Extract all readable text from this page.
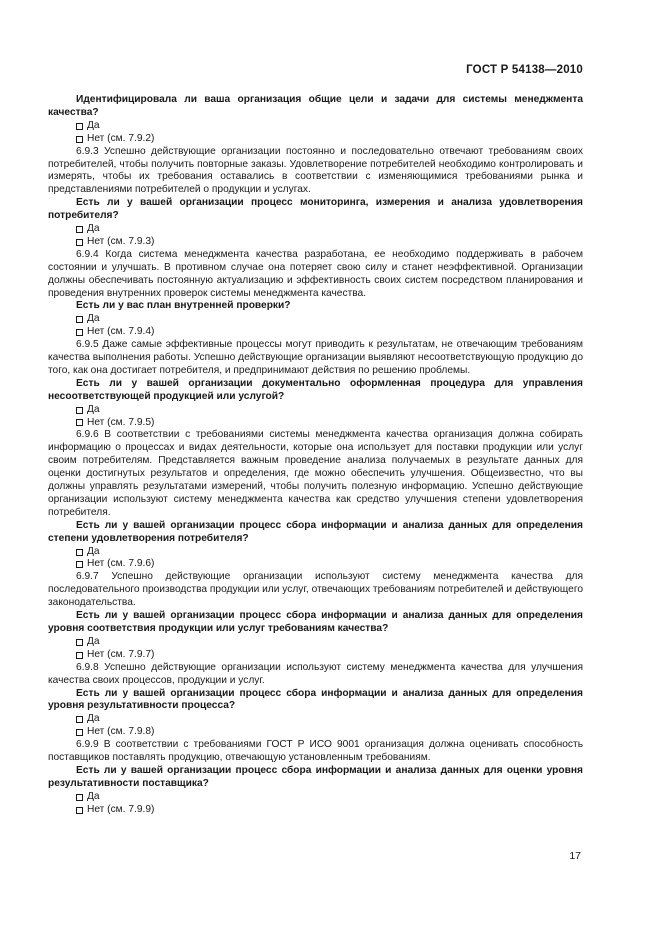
ГОСТ Р 54138—2010

Идентифицировала ли ваша организация общие цели и задачи для системы менеджмента качества?

Да

Нет (см. 7.9.2)

6.9.3 Успешно действующие организации постоянно и последовательно отвечают требованиям своих потребителей, чтобы получить повторные заказы. Удовлетворение потребителей необходимо контролировать и измерять, чтобы их требования оставались в соответствии с изменяющимися требованиями рынка и представлениями потребителей о продукции и услугах.

Есть ли у вашей организации процесс мониторинга, измерения и анализа удовлетворения потребителя?

Да

Нет (см. 7.9.3)

6.9.4 Когда система менеджмента качества разработана, ее необходимо поддерживать в рабочем состоянии и улучшать. В противном случае она потеряет свою силу и станет неэффективной. Организации должны обеспечивать постоянную актуализацию и эффективность своих систем посредством планирования и проведения внутренних проверок системы менеджмента качества.

Есть ли у вас план внутренней проверки?

Да

Нет (см. 7.9.4)

6.9.5 Даже самые эффективные процессы могут приводить к результатам, не отвечающим требованиям качества выполнения работы. Успешно действующие организации выявляют несоответствующую продукцию до того, как она достигает потребителя, и предпринимают действия по решению проблемы.

Есть ли у вашей организации документально оформленная процедура для управления несоответствующей продукцией или услугой?

Да

Нет (см. 7.9.5)

6.9.6 В соответствии с требованиями системы менеджмента качества организация должна собирать информацию о процессах и видах деятельности, которые она использует для поставки продукции или услуг своим потребителям. Представляется важным проведение анализа получаемых в результате данных для оценки достигнутых результатов и определения, где можно обеспечить улучшения. Общеизвестно, что вы должны управлять результатами измерений, чтобы получить полезную информацию. Успешно действующие организации используют систему менеджмента качества как средство улучшения степени удовлетворения потребителя.

Есть ли у вашей организации процесс сбора информации и анализа данных для определения степени удовлетворения потребителя?

Да

Нет (см. 7.9.6)

6.9.7 Успешно действующие организации используют систему менеджмента качества для последовательного производства продукции или услуг, отвечающих требованиям потребителей и действующего законодательства.

Есть ли у вашей организации процесс сбора информации и анализа данных для определения уровня соответствия продукции или услуг требованиям качества?

Да

Нет (см. 7.9.7)

6.9.8 Успешно действующие организации используют систему менеджмента качества для улучшения качества своих процессов, продукции и услуг.

Есть ли у вашей организации процесс сбора информации и анализа данных для определения уровня результативности процесса?

Да

Нет (см. 7.9.8)

6.9.9 В соответствии с требованиями ГОСТ Р ИСО 9001 организация должна оценивать способность поставщиков поставлять продукцию, отвечающую установленным требованиям.

Есть ли у вашей организации процесс сбора информации и анализа данных для оценки уровня результативности поставщика?

Да

Нет (см. 7.9.9)

17
